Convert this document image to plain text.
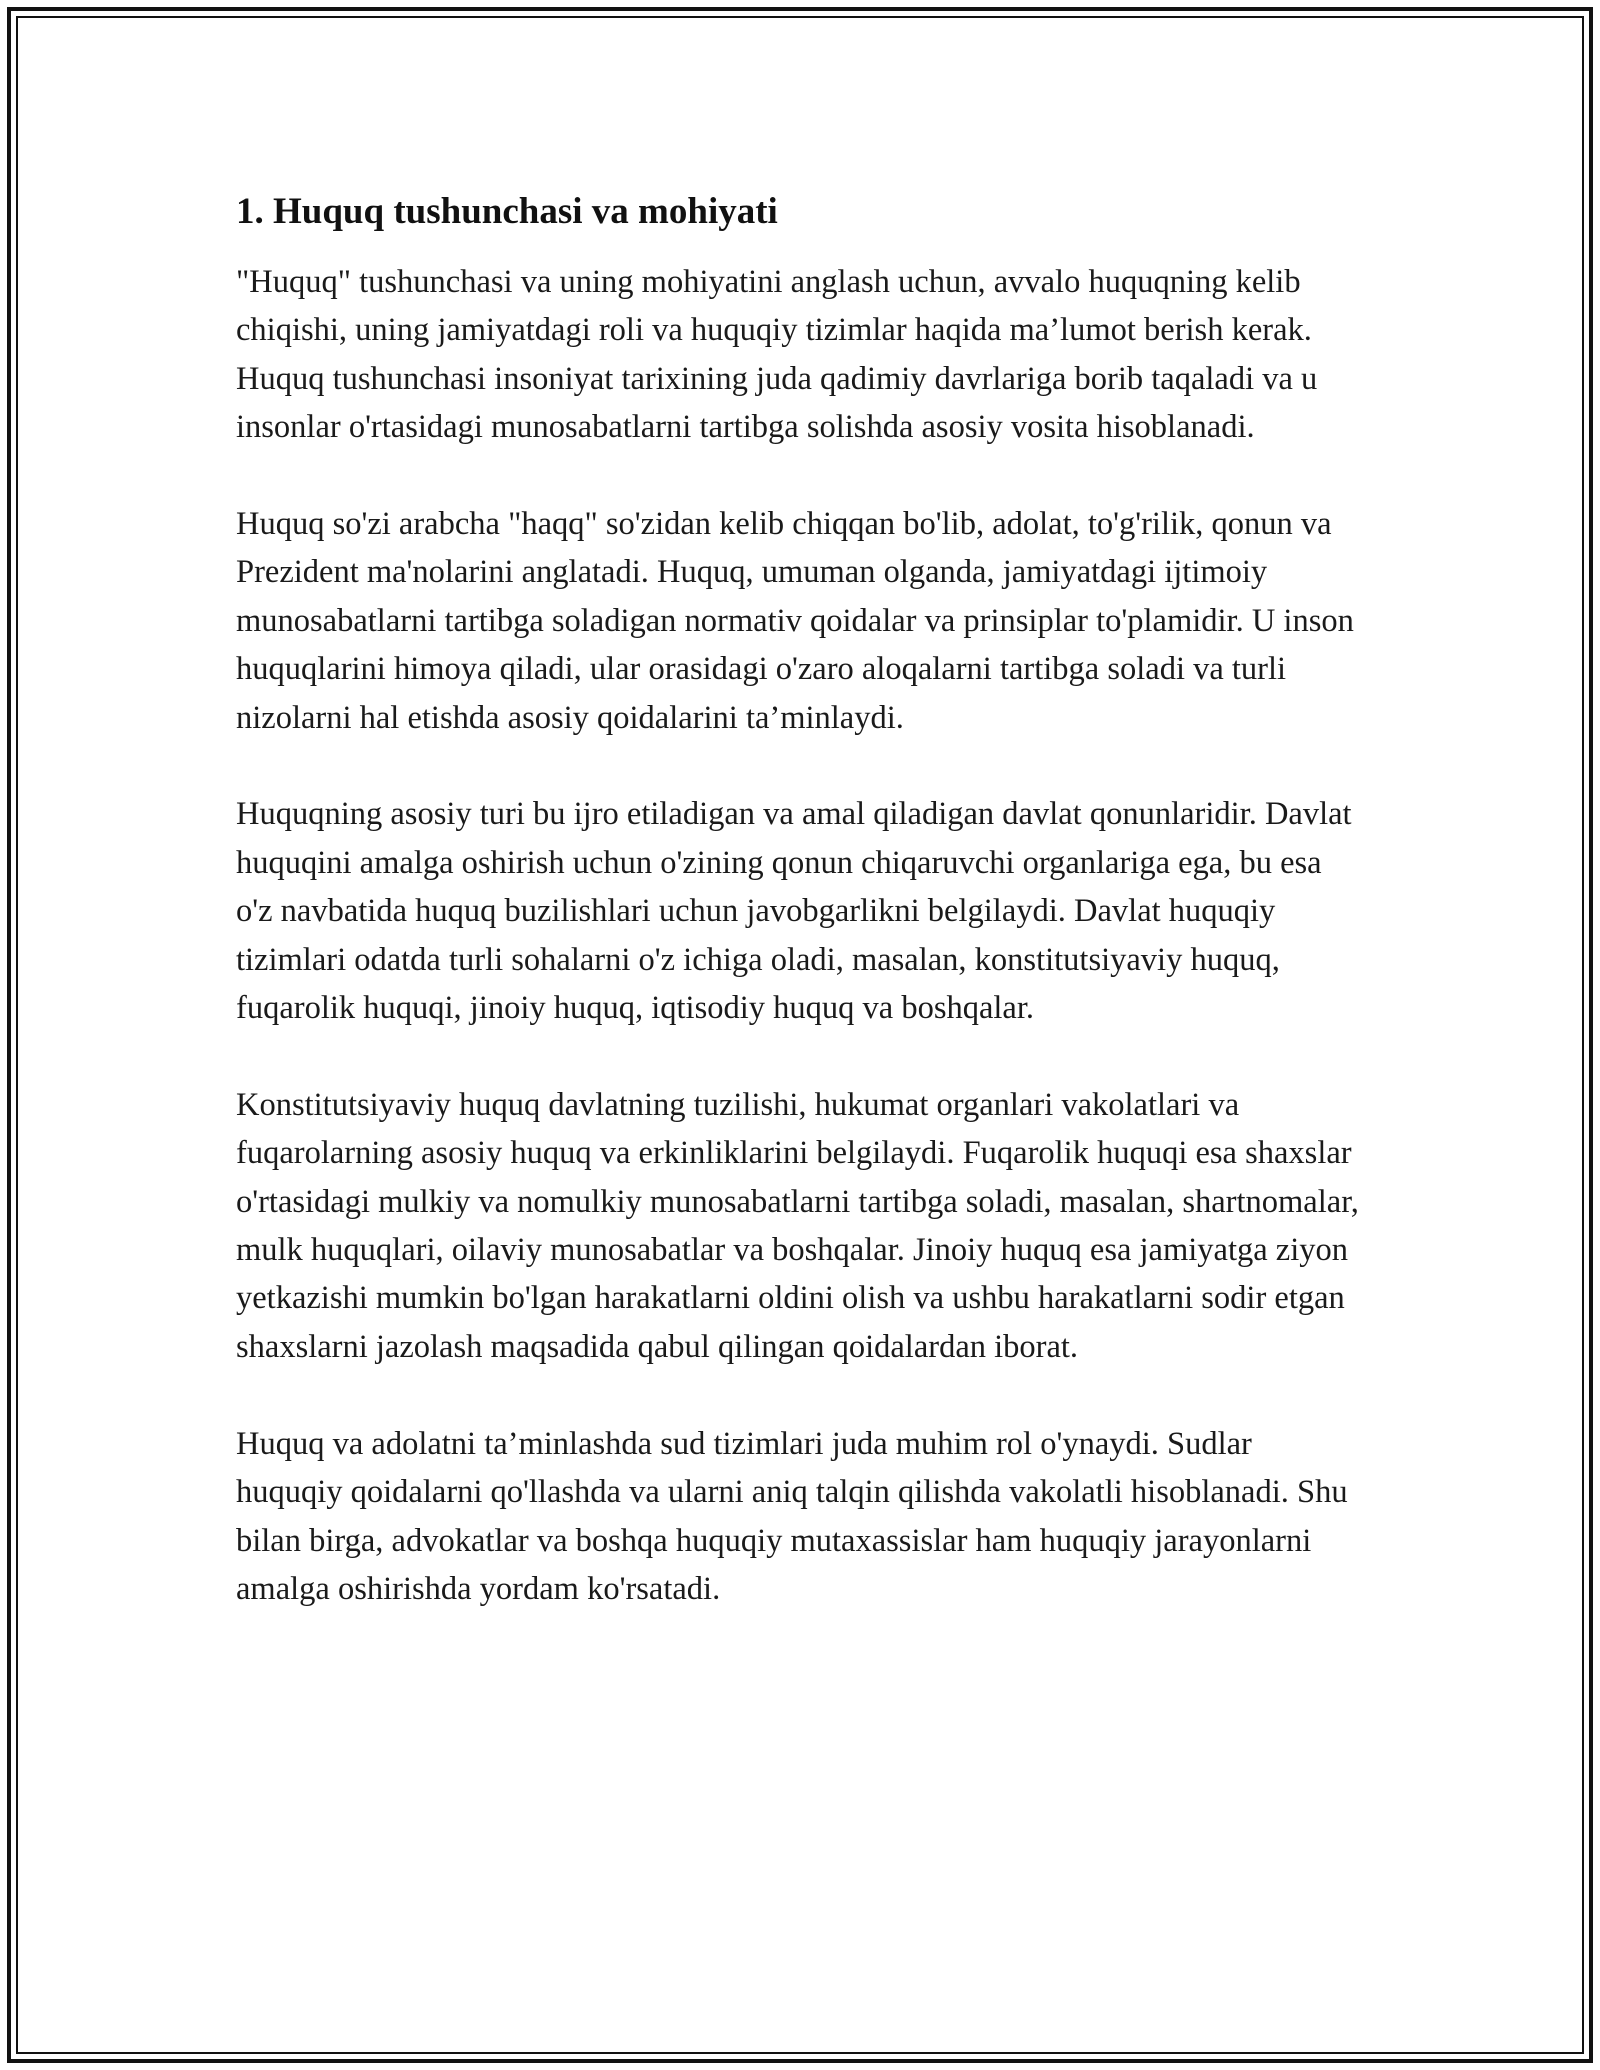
1. Huquq tushunchasi va mohiyati

"Huquq" tushunchasi va uning mohiyatini anglash uchun, avvalo huquqning kelib chiqishi, uning jamiyatdagi roli va huquqiy tizimlar haqida ma’lumot berish kerak. Huquq tushunchasi insoniyat tarixining juda qadimiy davrlariga borib taqaladi va u insonlar o'rtasidagi munosabatlarni tartibga solishda asosiy vosita hisoblanadi.

Huquq so'zi arabcha "haqq" so'zidan kelib chiqqan bo'lib, adolat, to'g'rilik, qonun va Prezident ma'nolarini anglatadi. Huquq, umuman olganda, jamiyatdagi ijtimoiy munosabatlarni tartibga soladigan normativ qoidalar va prinsiplar to'plamidir. U inson huquqlarini himoya qiladi, ular orasidagi o'zaro aloqalarni tartibga soladi va turli nizolarni hal etishda asosiy qoidalarini ta’minlaydi.

Huquqning asosiy turi bu ijro etiladigan va amal qiladigan davlat qonunlaridir. Davlat huquqini amalga oshirish uchun o'zining qonun chiqaruvchi organlariga ega, bu esa o'z navbatida huquq buzilishlari uchun javobgarlikni belgilaydi. Davlat huquqiy tizimlari odatda turli sohalarni o'z ichiga oladi, masalan, konstitutsiyaviy huquq, fuqarolik huquqi, jinoiy huquq, iqtisodiy huquq va boshqalar.

Konstitutsiyaviy huquq davlatning tuzilishi, hukumat organlari vakolatlari va fuqarolarning asosiy huquq va erkinliklarini belgilaydi. Fuqarolik huquqi esa shaxslar o'rtasidagi mulkiy va nomulkiy munosabatlarni tartibga soladi, masalan, shartnomalar, mulk huquqlari, oilaviy munosabatlar va boshqalar. Jinoiy huquq esa jamiyatga ziyon yetkazishi mumkin bo'lgan harakatlarni oldini olish va ushbu harakatlarni sodir etgan shaxslarni jazolash maqsadida qabul qilingan qoidalardan iborat.

Huquq va adolatni ta’minlashda sud tizimlari juda muhim rol o'ynaydi. Sudlar huquqiy qoidalarni qo'llashda va ularni aniq talqin qilishda vakolatli hisoblanadi. Shu bilan birga, advokatlar va boshqa huquqiy mutaxassislar ham huquqiy jarayonlarni amalga oshirishda yordam ko'rsatadi.
